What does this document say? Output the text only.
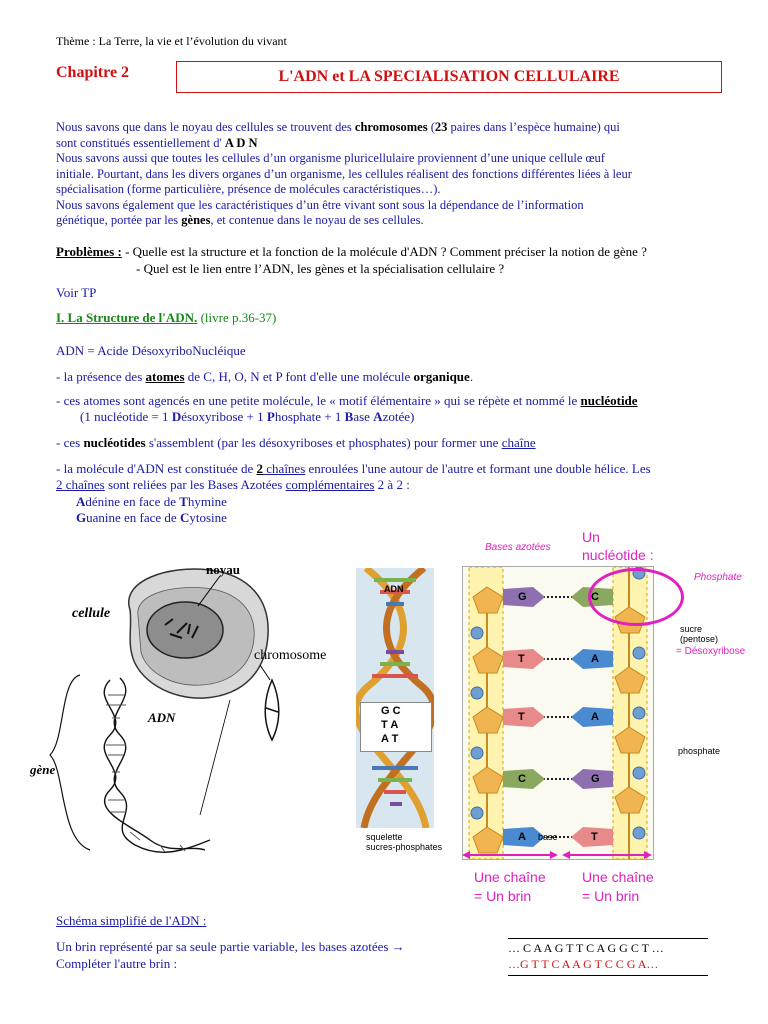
Thème : La Terre, la vie et l’évolution du vivant
Chapitre 2	L'ADN et LA SPECIALISATION CELLULAIRE
Nous savons que dans le noyau des cellules se trouvent des chromosomes (23 paires dans l’espèce humaine) qui
sont constitués essentiellement d' A D N
Nous savons aussi que toutes les cellules d’un organisme pluricellulaire proviennent d’une unique cellule œuf
initiale. Pourtant, dans les divers organes d’un organisme, les cellules réalisent des fonctions différentes liées à leur
spécialisation (forme particulière, présence de molécules caractéristiques…).
Nous savons également que les caractéristiques d’un être vivant sont sous la dépendance de l’information
génétique, portée par les gènes, et contenue dans le noyau de ses cellules.
Problèmes : - Quelle est la structure et la fonction de la molécule d'ADN ? Comment préciser la notion de gène ?
- Quel est le lien entre l’ADN, les gènes et la spécialisation cellulaire ?
Voir TP
I. La Structure de l'ADN. (livre p.36-37)
ADN = Acide DésoxyriboNucléique
- la présence des atomes de C, H, O, N et P font d'elle une molécule organique.
- ces atomes sont agencés en une petite molécule, le « motif élémentaire » qui se répète et nommé le nucléotide
(1 nucléotide = 1 Désoxyribose + 1 Phosphate + 1 Base Azotée)
- ces nucléotides s'assemblent (par les désoxyriboses et phosphates) pour former une chaîne
- la molécule d'ADN est constituée de 2 chaînes enroulées l'une autour de l'autre et formant une double hélice. Les
2 chaînes sont reliées par les Bases Azotées complémentaires 2 à 2 :
Adénine en face de Thymine
Guanine en face de Cytosine
noyau
cellule
chromosome
ADN
gène
G C
T A
A T
ADN
squelette
sucres-phosphates
G
T
T
C
A
C
A
A
G
T
Bases azotées
Un
nucléotide :
Phosphate
sucre
(pentose)
= Désoxyribose
phosphate
base
Une chaîne
= Un brin
Une chaîne
= Un brin
Schéma simplifié de l'ADN :
Un brin représenté par sa seule partie variable, les bases azotées →
Compléter l'autre brin :
… C A A G T T C A G G C T …
…G T T C A A G T C C G A…
